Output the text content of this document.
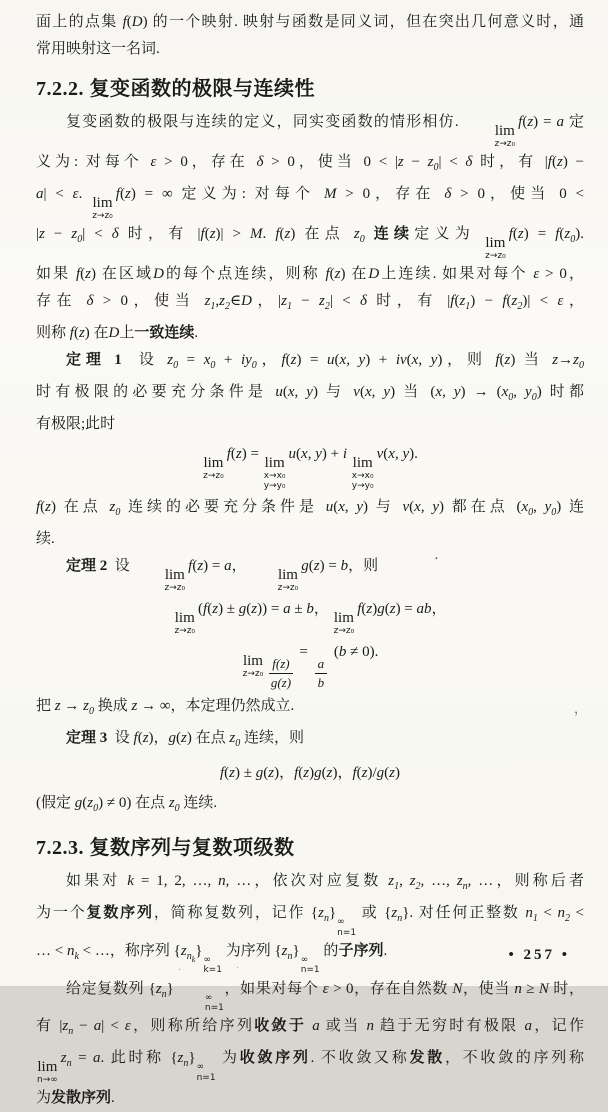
面上的点集 f(D) 的一个映射. 映射与函数是同义词，但在突出几何意义时，通
常用映射这一名词.
7.2.2. 复变函数的极限与连续性
复变函数的极限与连续的定义，同实变函数的情形相仿.
lim
z→z₀
f(z) = a 定
义为: 对每个 ε > 0，存在 δ > 0，使当 $0 < |z - z_0| < \delta$ 时，有 |f(z) −
a| < ε.
lim
z→z₀
f(z) = ∞ 定义为: 对每个 M > 0，存在 δ > 0，使当 0 <
$|z - z_0| < \delta$ 时，有 |f(z)| > M. f(z) 在点 $z_0$ 连续定义为
lim
z→z₀
$f(z) = f(z_0)$.
如果 f(z) 在区域D的每个点连续，则称 f(z) 在D上连续. 如果对每个 ε > 0，
存在 δ > 0，使当 $z_1,z_2\in D$，$|z_1 - z_2| < \delta$ 时，有 $|f(z_1) - f(z_2)| < \varepsilon$，
则称 f(z) 在D上一致连续.
定理 1  设 $z_0 = x_0 + iy_0$，f(z) = u(x, y) + iv(x, y)，则 f(z) 当 $z\to z_0$
时有极限的必要充分条件是 u(x, y) 与 v(x, y) 当 (x, $y) \to (x_0$, $y_0$) 时都
有极限;此时
lim
z→z₀
f(z) =
lim
x→x₀
y→y₀
u(x, y) + i
lim
x→x₀
y→y₀
v(x, y).
f(z) 在点 $z_0$ 连续的必要充分条件是 u(x, y) 与 v(x, y) 都在点 ($x_0$, $y_0$) 连
续.
定理 2  设
lim
z→z₀
f(z) = a，
lim
z→z₀
g(z) = b，则
lim
z→z₀
(f(z) ± g(z)) = a ± b，
lim
z→z₀
f(z)g(z) = ab，
lim
$z\to z_0 \frac{f(z)}{g(z)}$
=
$\frac{a}{b}$
(b ≠ 0).
把 $z \to z_0$ 换成 z → ∞，本定理仍然成立.
定理 3  设 f(z)，g(z) 在点 $z_0$ 连续，则
f(z) ± g(z)，f(z)g(z)，f(z)/g(z)
(假定 $g(z_0) \ne 0$) 在点 $z_0$ 连续.
7.2.3. 复数序列与复数项级数
如果对 k = 1, 2, …, n, …，依次对应复数 $z_1$, $z_2$, …, $z_n$, …，则称后者
为一个复数序列，简称复数列，记作 $\{z_n\}$
∞
n=1
或 $\{z_n\}$. 对任何正整数 $n_1 < n_2$ <
… < $n_k$ < …，称序列 $\{z_{n_k}\}$
∞
k=1
为序列 $\{z_n\}$
∞
n=1
的子序列.
给定复数列 $\{z_n\}$
∞
n=1
，如果对每个 ε > 0，存在自然数 N，使当 n ≥ N 时，
有 $|z_n - a| < \varepsilon$，则称所给序列收敛于 a 或当 n 趋于无穷时有极限 a，记作
lim
n→∞
$z_n = a$. 此时称 $\{z_n\}$
∞
n=1
为收敛序列. 不收敛又称发散，不收敛的序列称
为发散序列.
• 257 •
，
·
·	·
